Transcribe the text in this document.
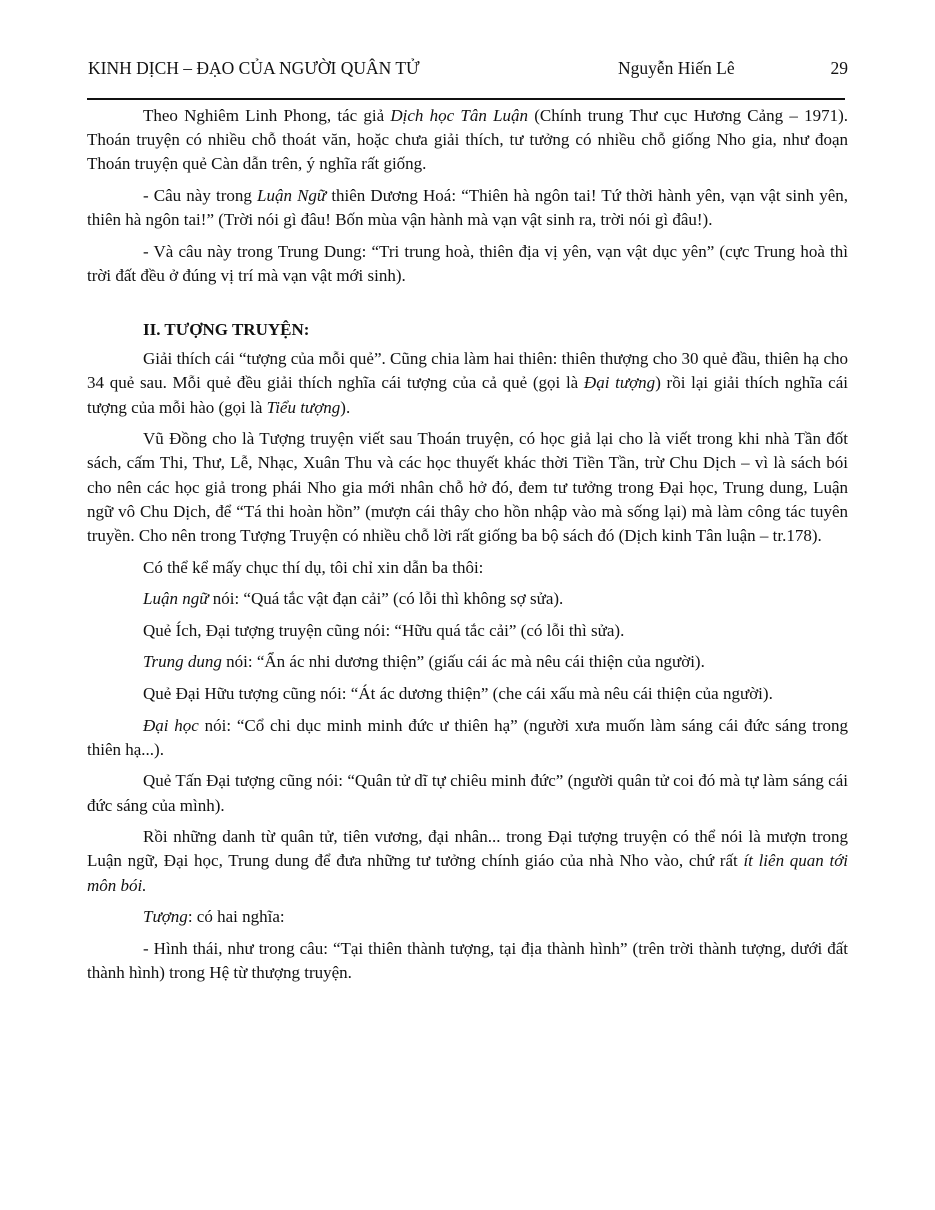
KINH DỊCH – ĐẠO CỦA NGƯỜI QUÂN TỬ	Nguyễn Hiến Lê	29

Theo Nghiêm Linh Phong, tác giả Dịch học Tân Luận (Chính trung Thư cục Hương Cảng – 1971). Thoán truyện có nhiều chỗ thoát văn, hoặc chưa giải thích, tư tưởng có nhiều chỗ giống Nho gia, như đoạn Thoán truyện quẻ Càn dẫn trên, ý nghĩa rất giống.

- Câu này trong Luận Ngữ thiên Dương Hoá: “Thiên hà ngôn tai! Tứ thời hành yên, vạn vật sinh yên, thiên hà ngôn tai!” (Trời nói gì đâu! Bốn mùa vận hành mà vạn vật sinh ra, trời nói gì đâu!).

- Và câu này trong Trung Dung: “Tri trung hoà, thiên địa vị yên, vạn vật dục yên” (cực Trung hoà thì trời đất đều ở đúng vị trí mà vạn vật mới sinh).

II. TƯỢNG TRUYỆN:

Giải thích cái “tượng của mỗi quẻ”. Cũng chia làm hai thiên: thiên thượng cho 30 quẻ đầu, thiên hạ cho 34 quẻ sau. Mỗi quẻ đều giải thích nghĩa cái tượng của cả quẻ (gọi là Đại tượng) rồi lại giải thích nghĩa cái tượng của mỗi hào (gọi là Tiểu tượng).

Vũ Đồng cho là Tượng truyện viết sau Thoán truyện, có học giả lại cho là viết trong khi nhà Tần đốt sách, cấm Thi, Thư, Lễ, Nhạc, Xuân Thu và các học thuyết khác thời Tiền Tần, trừ Chu Dịch – vì là sách bói cho nên các học giả trong phái Nho gia mới nhân chỗ hở đó, đem tư tưởng trong Đại học, Trung dung, Luận ngữ vô Chu Dịch, để “Tá thi hoàn hồn” (mượn cái thây cho hồn nhập vào mà sống lại) mà làm công tác tuyên truyền. Cho nên trong Tượng Truyện có nhiều chỗ lời rất giống ba bộ sách đó (Dịch kinh Tân luận – tr.178).

Có thể kể mấy chục thí dụ, tôi chỉ xin dẫn ba thôi:

Luận ngữ nói: “Quá tắc vật đạn cải” (có lỗi thì không sợ sửa).

Quẻ Ích, Đại tượng truyện cũng nói: “Hữu quá tắc cải” (có lỗi thì sửa).

Trung dung nói: “Ẩn ác nhi dương thiện” (giấu cái ác mà nêu cái thiện của người).

Quẻ Đại Hữu tượng cũng nói: “Át ác dương thiện” (che cái xấu mà nêu cái thiện của người).

Đại học nói: “Cổ chi dục minh minh đức ư thiên hạ” (người xưa muốn làm sáng cái đức sáng trong thiên hạ...).

Quẻ Tấn Đại tượng cũng nói: “Quân tử dĩ tự chiêu minh đức” (người quân tử coi đó mà tự làm sáng cái đức sáng của mình).

Rồi những danh từ quân tử, tiên vương, đại nhân... trong Đại tượng truyện có thể nói là mượn trong Luận ngữ, Đại học, Trung dung để đưa những tư tưởng chính giáo của nhà Nho vào, chứ rất ít liên quan tới môn bói.

Tượng: có hai nghĩa:

- Hình thái, như trong câu: “Tại thiên thành tượng, tại địa thành hình” (trên trời thành tượng, dưới đất thành hình) trong Hệ từ thượng truyện.
